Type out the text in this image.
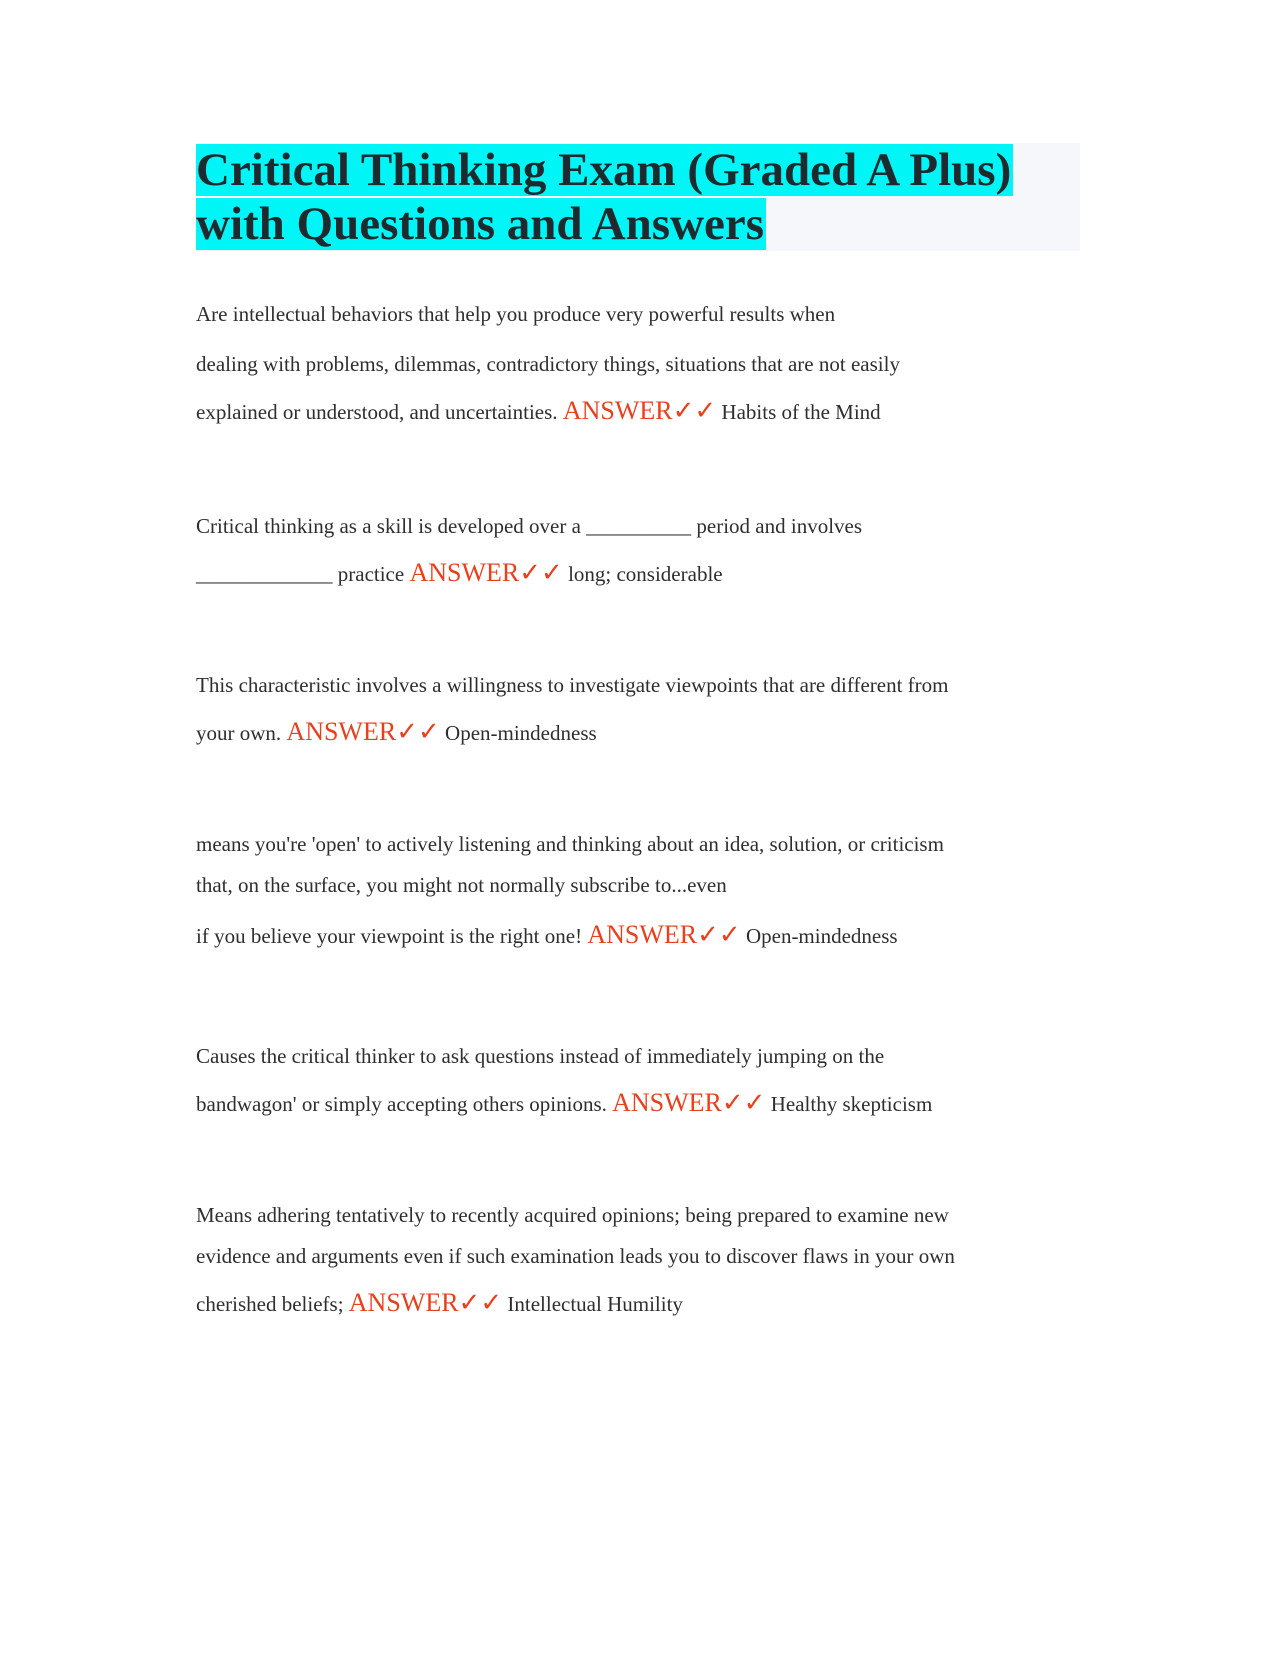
Critical Thinking Exam (Graded A Plus)
with Questions and Answers
Are intellectual behaviors that help you produce very powerful results when
dealing with problems, dilemmas, contradictory things, situations that are not easily
explained or understood, and uncertainties. ANSWER✓✓ Habits of the Mind
Critical thinking as a skill is developed over a __________ period and involves
_____________ practice ANSWER✓✓ long; considerable
This characteristic involves a willingness to investigate viewpoints that are different from
your own. ANSWER✓✓ Open-mindedness
means you're 'open' to actively listening and thinking about an idea, solution, or criticism
that, on the surface, you might not normally subscribe to...even
if you believe your viewpoint is the right one! ANSWER✓✓ Open-mindedness
Causes the critical thinker to ask questions instead of immediately jumping on the
bandwagon' or simply accepting others opinions. ANSWER✓✓ Healthy skepticism
Means adhering tentatively to recently acquired opinions; being prepared to examine new
evidence and arguments even if such examination leads you to discover flaws in your own
cherished beliefs; ANSWER✓✓ Intellectual Humility
